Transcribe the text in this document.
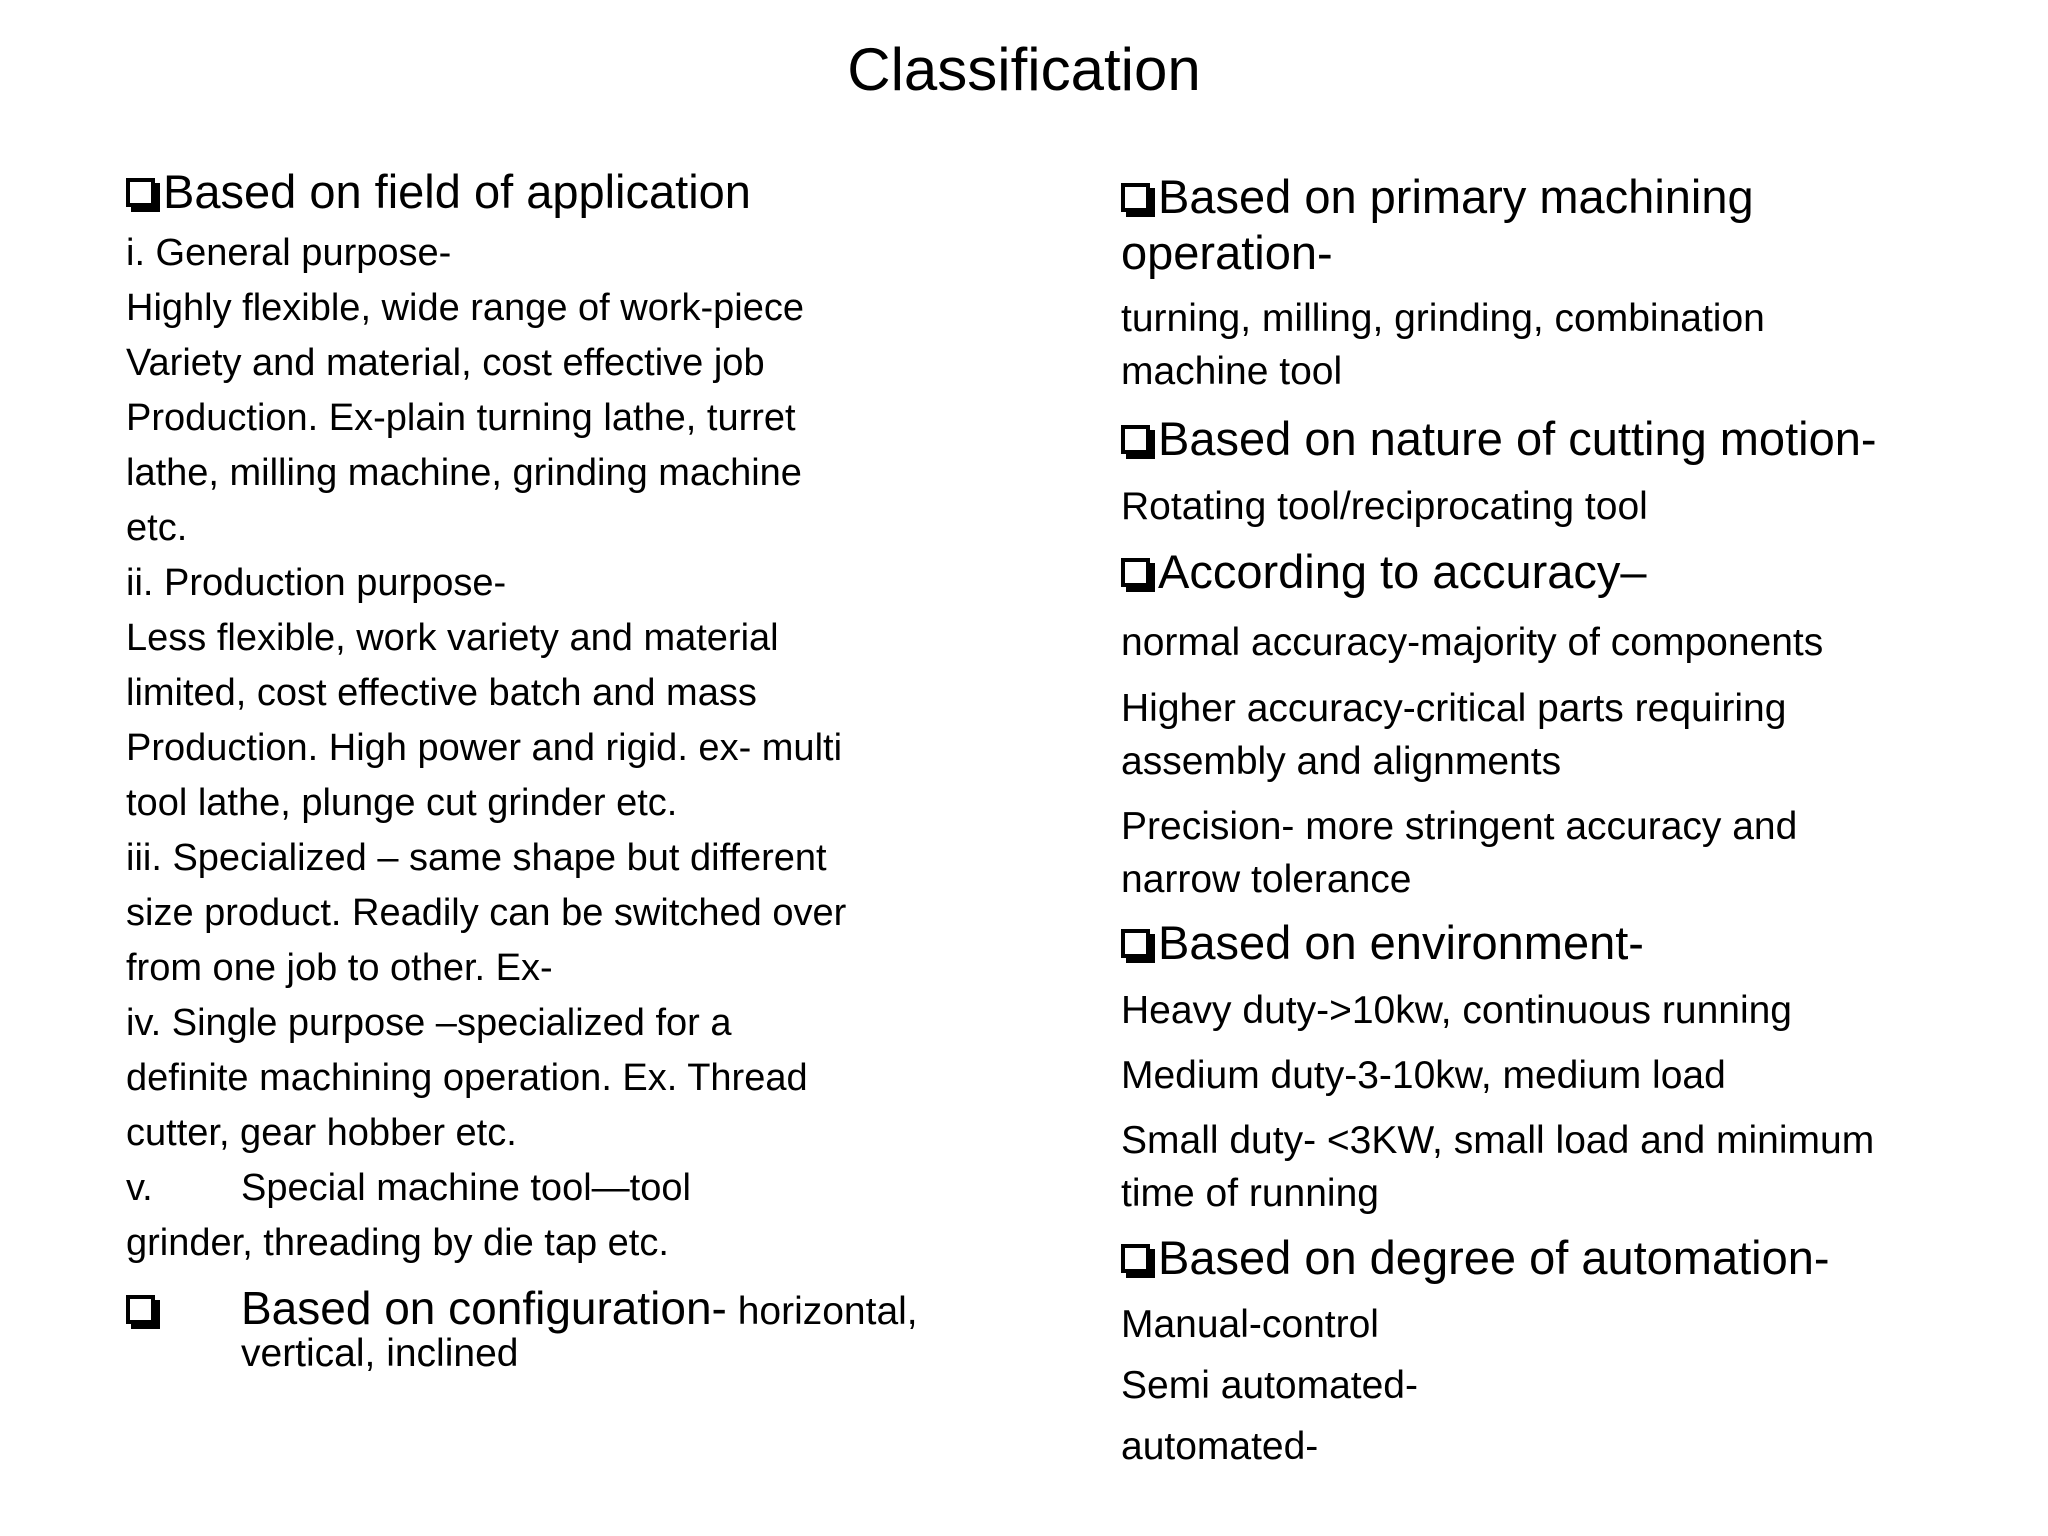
Classification
Based on field of application
i. General purpose-
Highly flexible, wide range of work-piece
Variety and material, cost effective job
Production. Ex-plain turning lathe, turret
lathe, milling machine, grinding machine
etc.
ii. Production purpose-
Less flexible, work variety and material
limited, cost effective batch and mass
Production. High power and rigid. ex- multi
tool lathe, plunge cut grinder etc.
iii. Specialized – same shape but different
size product. Readily can be switched over
from one job to other. Ex-
iv. Single purpose –specialized for a
definite machining operation. Ex. Thread
cutter, gear hobber etc.
v. Special machine tool—tool
grinder, threading by die tap etc.
Based on configuration- horizontal,
vertical, inclined
Based on primary machining
operation-
turning, milling, grinding, combination
machine tool
Based on nature of cutting motion-
Rotating tool/reciprocating tool
According to accuracy–
normal accuracy-majority of components
Higher accuracy-critical parts requiring
assembly and alignments
Precision- more stringent accuracy and
narrow tolerance
Based on environment-
Heavy duty->10kw, continuous running
Medium duty-3-10kw, medium load
Small duty- <3KW, small load and minimum
time of running
Based on degree of automation-
Manual-control
Semi automated-
automated-
